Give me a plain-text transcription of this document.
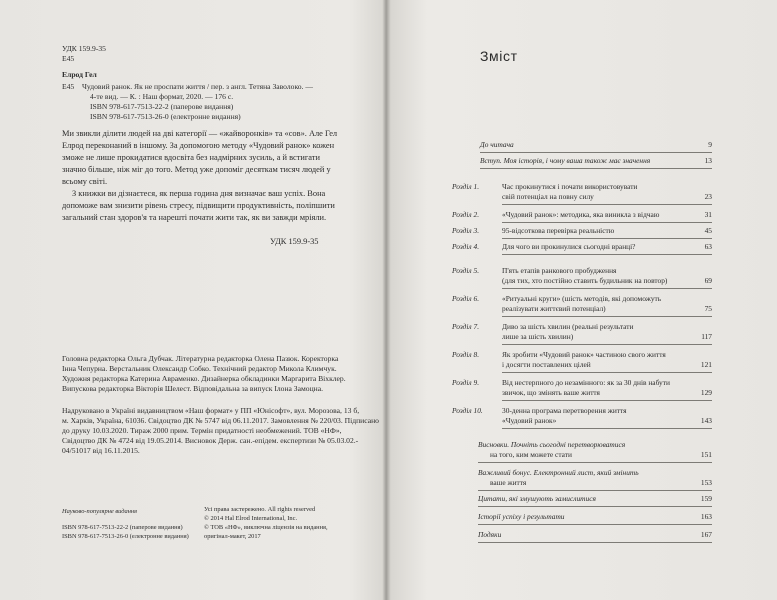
УДК 159.9-35
Е45
Елрод Гел
Е45 Чудовий ранок. Як не проспати життя / пер. з англ. Тетяна Заволоко. —
4-те вид. — К. : Наш формат, 2020. — 176 с.
ISBN 978-617-7513-22-2 (паперове видання)
ISBN 978-617-7513-26-0 (електронне видання)
Ми звикли ділити людей на дві категорії — «жайворонків» та «сов». Але Гел
Елрод переконаний в іншому. За допомогою методу «Чудовий ранок» кожен
зможе не лише прокидатися вдосвіта без надмірних зусиль, а й встигати
значно більше, ніж міг до того. Метод уже допоміг десяткам тисяч людей у
всьому світі.
З книжки ви дізнаєтеся, як перша година дня визначає ваш успіх. Вона
допоможе вам знизити рівень стресу, підвищити продуктивність, поліпшити
загальний стан здоров'я та нарешті почати жити так, як ви завжди мріяли.
УДК 159.9-35
Головна редакторка Ольга Дубчак. Літературна редакторка Олена Пазюк. Коректорка
Інна Чепурна. Верстальник Олександр Собко. Технічний редактор Микола Климчук.
Художня редакторка Катерина Авраменко. Дизайнерка обкладинки Маргарита Віхклер.
Випускова редакторка Вікторія Шелест. Відповідальна за випуск Ілона Замоцна.
Надруковано в Україні видавництвом «Наш формат» у ПП «Юнісофт», вул. Морозова, 13 б,
м. Харків, Україна, 61036. Свідоцтво ДК № 5747 від 06.11.2017. Замовлення № 220/03. Підписано
до друку 10.03.2020. Тираж 2000 прим. Термін придатності необмежений. ТОВ «НФ»,
Свідоцтво ДК № 4724 від 19.05.2014. Висновок Держ. сан.-епідем. експертизи № 05.03.02.-
04/51017 від 16.11.2015.
Науково-популярне видання
ISBN 978-617-7513-22-2 (паперове видання)
ISBN 978-617-7513-26-0 (електронне видання)
Усі права застережено. All rights reserved
© 2014 Hal Elrod International, Inc.
© ТОВ «НФ», виключна ліцензія на видання,
оригінал-макет, 2017
Зміст
До читача	9
Вступ. Моя історія, і чому ваша також має значення	13
Розділ 1.	Час прокинутися і почати використовувати
свій потенціал на повну силу	23
Розділ 2.	«Чудовий ранок»: методика, яка виникла з відчаю	31
Розділ 3.	95-відсоткова перевірка реальністю	45
Розділ 4.	Для чого ви прокинулися сьогодні вранці?	63
Розділ 5.	П'ять етапів ранкового пробудження
(для тих, хто постійно ставить будильник на повтор)	69
Розділ 6.	«Ритуальні круги» (шість методів, які допоможуть
реалізувати життєвий потенціал)	75
Розділ 7.	Диво за шість хвилин (реальні результати
лише за шість хвилин)	117
Розділ 8.	Як зробити «Чудовий ранок» частиною свого життя
і досягти поставлених цілей	121
Розділ 9.	Від нестерпного до незамінного: як за 30 днів набути
звичок, що змінять ваше життя	129
Розділ 10.	30-денна програма перетворення життя
«Чудовий ранок»	143
Висновки. Почніть сьогодні перетворюватися
на того, ким можете стати	151
Важливий бонус. Електронний лист, який змінить
ваше життя	153
Цитати, які змушують замислитися	159
Історії успіху і результати	163
Подяки	167
